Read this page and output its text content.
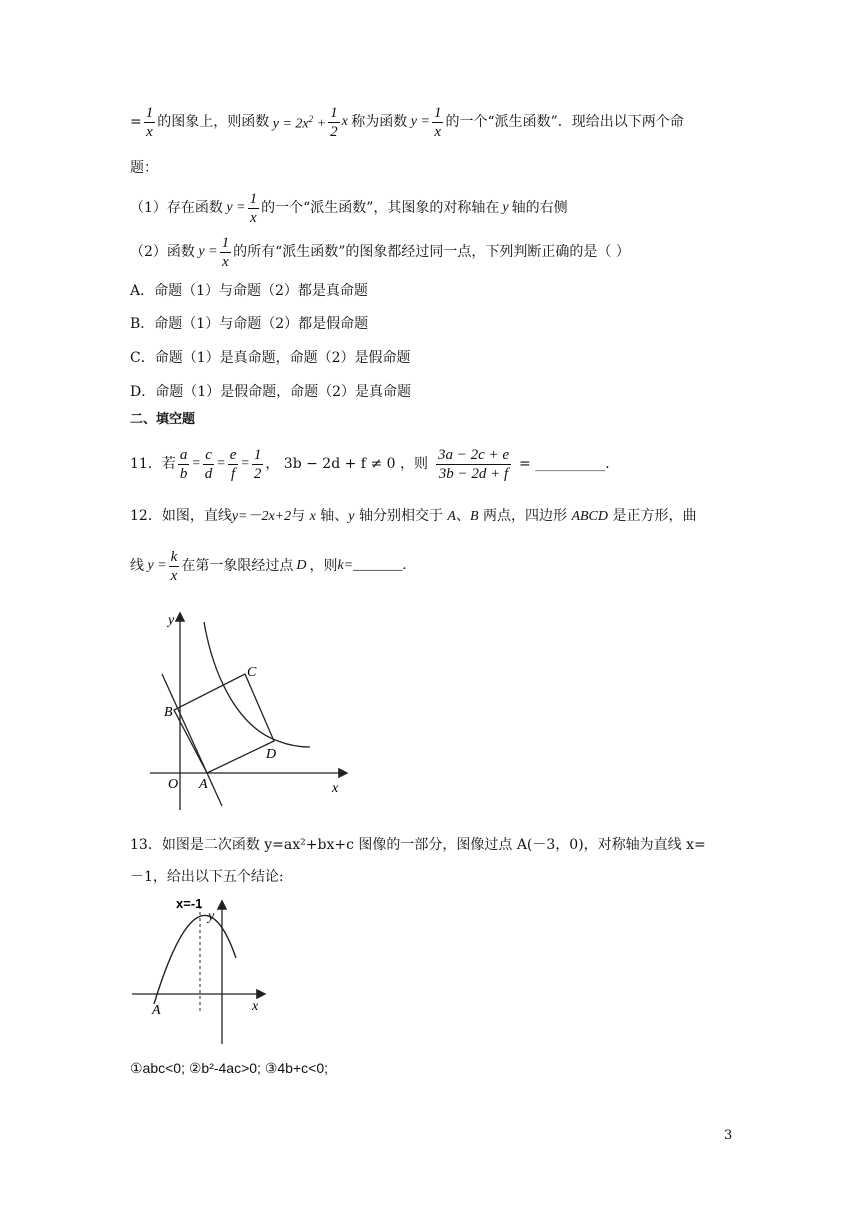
= $\frac{1}{x}$ 的图象上，则函数 $y = 2x^2 + \frac{1}{2}$ x 称为函数 $y = \frac{1}{x}$ 的一个“派生函数”．现给出以下两个命
题：
（1）存在函数 $y = \frac{1}{x}$ 的一个“派生函数”，其图象的对称轴在 y 轴的右侧
（2）函数 $y = \frac{1}{x}$ 的所有“派生函数”的图象都经过同一点，下列判断正确的是（ ）
A．命题（1）与命题（2）都是真命题
B．命题（1）与命题（2）都是假命题
C．命题（1）是真命题，命题（2）是假命题
D．命题（1）是假命题，命题（2）是真命题
二、填空题
11．若 $\frac{a}{b} = \frac{c}{d} = \frac{e}{f} = \frac{1}{2}$ ， 3b − 2d + f ≠ 0 ，则 $\frac{3a - 2c + e}{3b - 2d + f}$ = __________．
12．如图，直线y=－2x+2与 x 轴、y 轴分别相交于 A、B 两点，四边形 ABCD 是正方形，曲
线 $y = \frac{k}{x}$ 在第一象限经过点 D ，则 k=_______．
y
x
O A
B
C
D
13．如图是二次函数 y=ax²+bx+c 图像的一部分，图像过点 A(－3，0)，对称轴为直线 x=
－1，给出以下五个结论:
x=-1
y
x
A
①abc<0; ②b²-4ac>0; ③4b+c<0;
3
